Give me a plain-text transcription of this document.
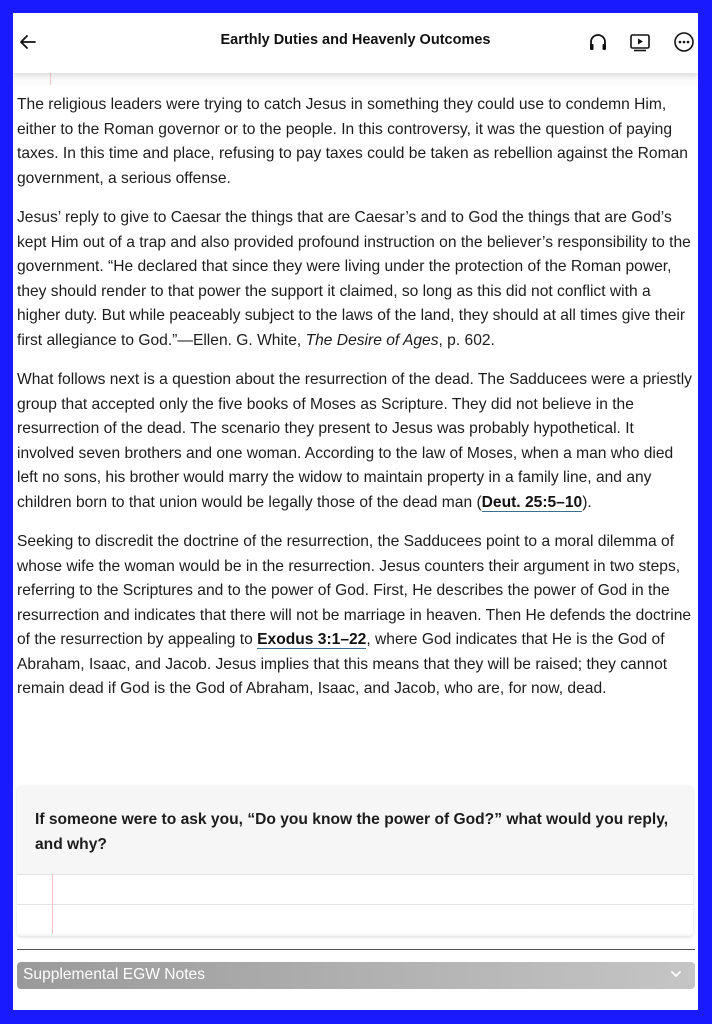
Earthly Duties and Heavenly Outcomes

The religious leaders were trying to catch Jesus in something they could use to condemn Him, either to the Roman governor or to the people. In this controversy, it was the question of paying taxes. In this time and place, refusing to pay taxes could be taken as rebellion against the Roman government, a serious offense.

Jesus’ reply to give to Caesar the things that are Caesar’s and to God the things that are God’s kept Him out of a trap and also provided profound instruction on the believer’s responsibility to the government. “He declared that since they were living under the protection of the Roman power, they should render to that power the support it claimed, so long as this did not conflict with a higher duty. But while peaceably subject to the laws of the land, they should at all times give their first allegiance to God.”—Ellen. G. White, The Desire of Ages, p. 602.

What follows next is a question about the resurrection of the dead. The Sadducees were a priestly group that accepted only the five books of Moses as Scripture. They did not believe in the resurrection of the dead. The scenario they present to Jesus was probably hypothetical. It involved seven brothers and one woman. According to the law of Moses, when a man who died left no sons, his brother would marry the widow to maintain property in a family line, and any children born to that union would be legally those of the dead man (Deut. 25:5–10).

Seeking to discredit the doctrine of the resurrection, the Sadducees point to a moral dilemma of whose wife the woman would be in the resurrection. Jesus counters their argument in two steps, referring to the Scriptures and to the power of God. First, He describes the power of God in the resurrection and indicates that there will not be marriage in heaven. Then He defends the doctrine of the resurrection by appealing to Exodus 3:1–22, where God indicates that He is the God of Abraham, Isaac, and Jacob. Jesus implies that this means that they will be raised; they cannot remain dead if God is the God of Abraham, Isaac, and Jacob, who are, for now, dead.

If someone were to ask you, “Do you know the power of God?” what would you reply, and why?
Supplemental EGW Notes
